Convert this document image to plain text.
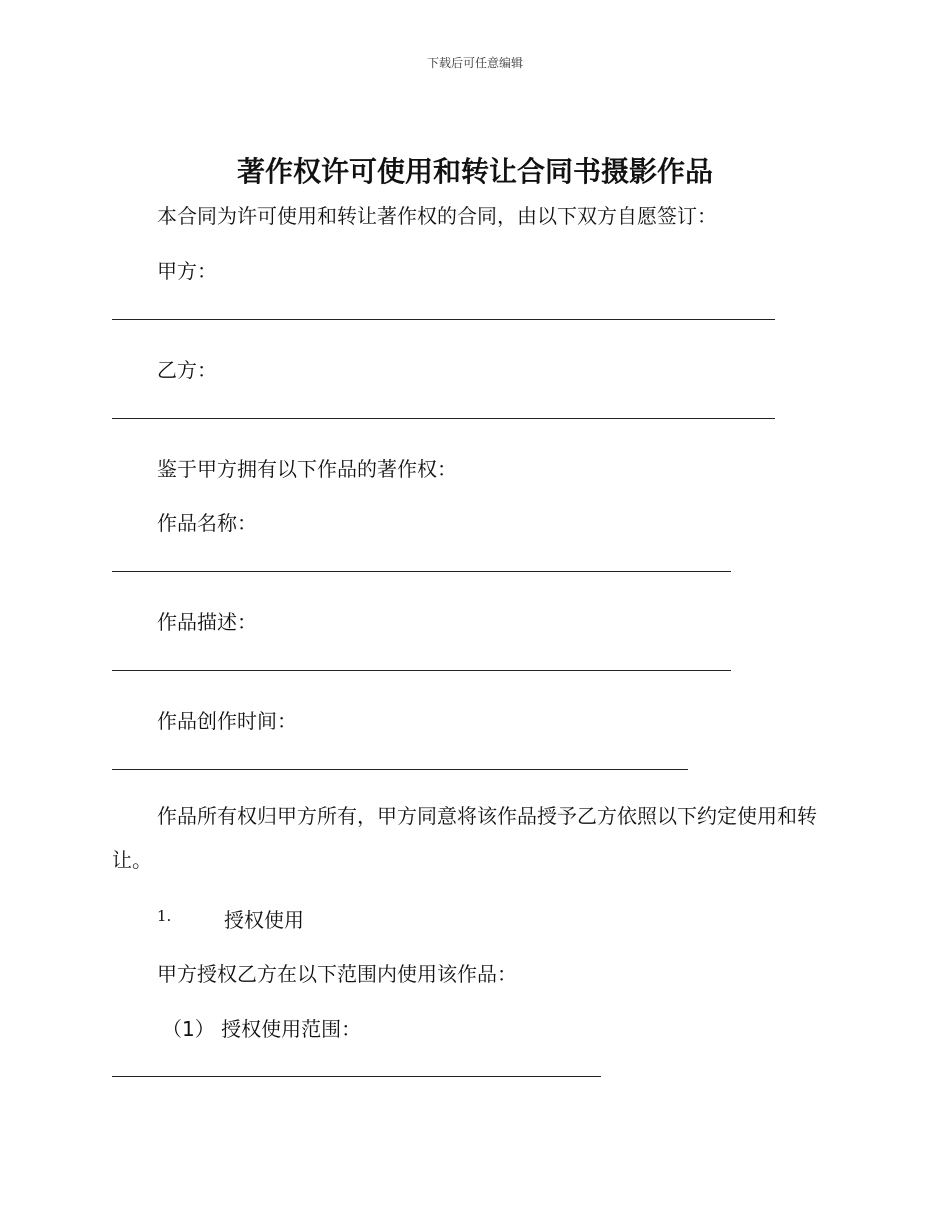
下载后可任意编辑
著作权许可使用和转让合同书摄影作品
本合同为许可使用和转让著作权的合同，由以下双方自愿签订：
甲方：
乙方：
鉴于甲方拥有以下作品的著作权：
作品名称：
作品描述：
作品创作时间：
作品所有权归甲方所有，甲方同意将该作品授予乙方依照以下约定使用和转让。
1.	授权使用
甲方授权乙方在以下范围内使用该作品：
（1） 授权使用范围：
